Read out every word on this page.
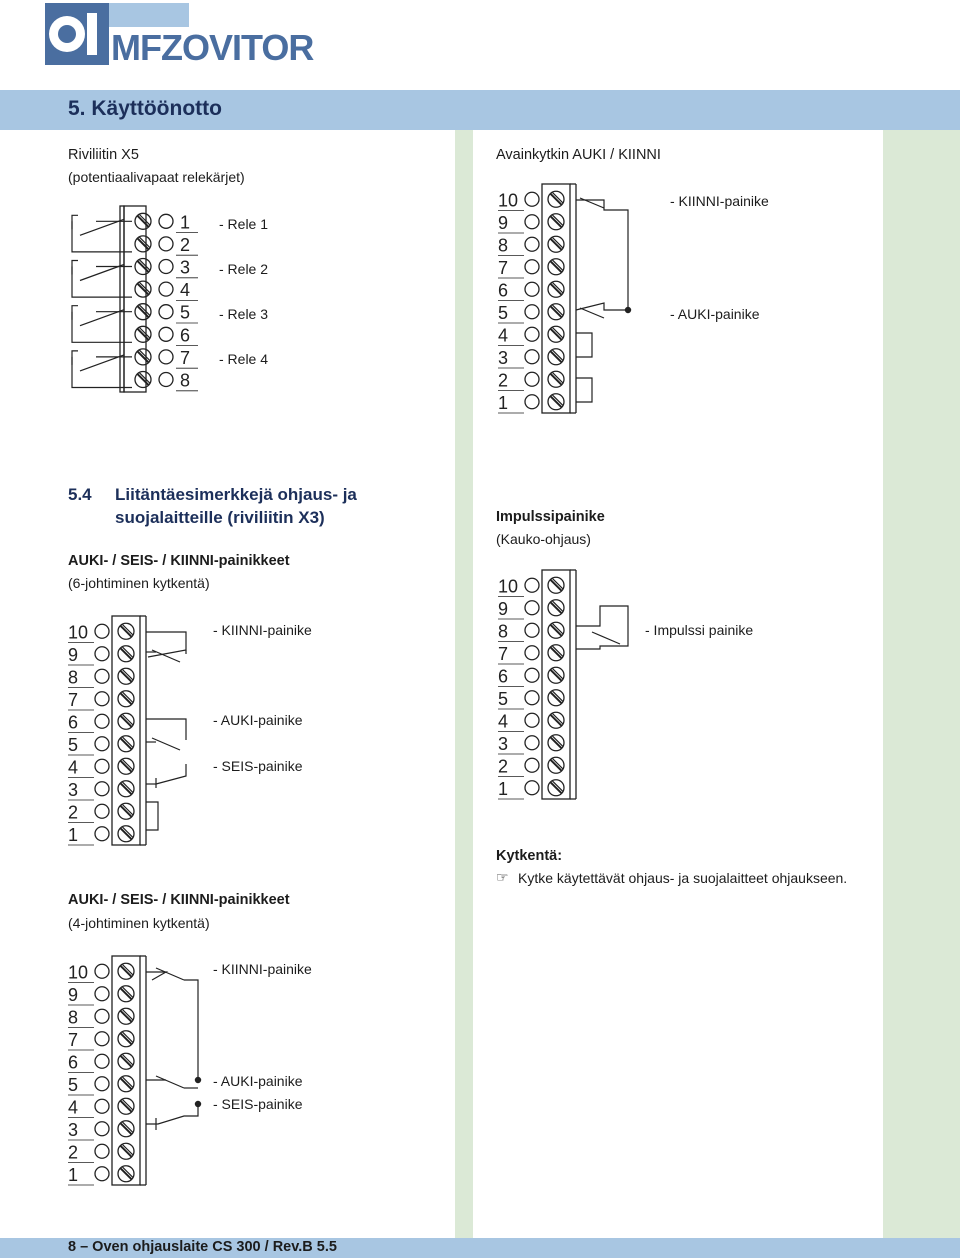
MFZOVITOR
5. Käyttöönotto
Riviliitin X5
(potentiaalivapaat relekärjet)
1
2
3
4
5
6
7
8
- Rele 1
- Rele 2
- Rele 3
- Rele 4
Avainkytkin AUKI / KIINNI
10
9
8
7
6
5
4
3
2
1
- KIINNI-painike
- AUKI-painike
5.4 Liitäntäesimerkkejä ohjaus- ja
suojalaitteille (riviliitin X3)
AUKI- / SEIS- / KIINNI-painikkeet
(6-johtiminen kytkentä)
10
9
8
7
6
5
4
3
2
1
- KIINNI-painike
- AUKI-painike
- SEIS-painike
AUKI- / SEIS- / KIINNI-painikkeet
(4-johtiminen kytkentä)
10
9
8
7
6
5
4
3
2
1
- KIINNI-painike
- AUKI-painike
- SEIS-painike
Impulssipainike
(Kauko-ohjaus)
10
9
8
7
6
5
4
3
2
1
- Impulssi painike
Kytkentä:
☞ Kytke käytettävät ohjaus- ja suojalaitteet ohjaukseen.
8 – Oven ohjauslaite CS 300 / Rev.B 5.5
